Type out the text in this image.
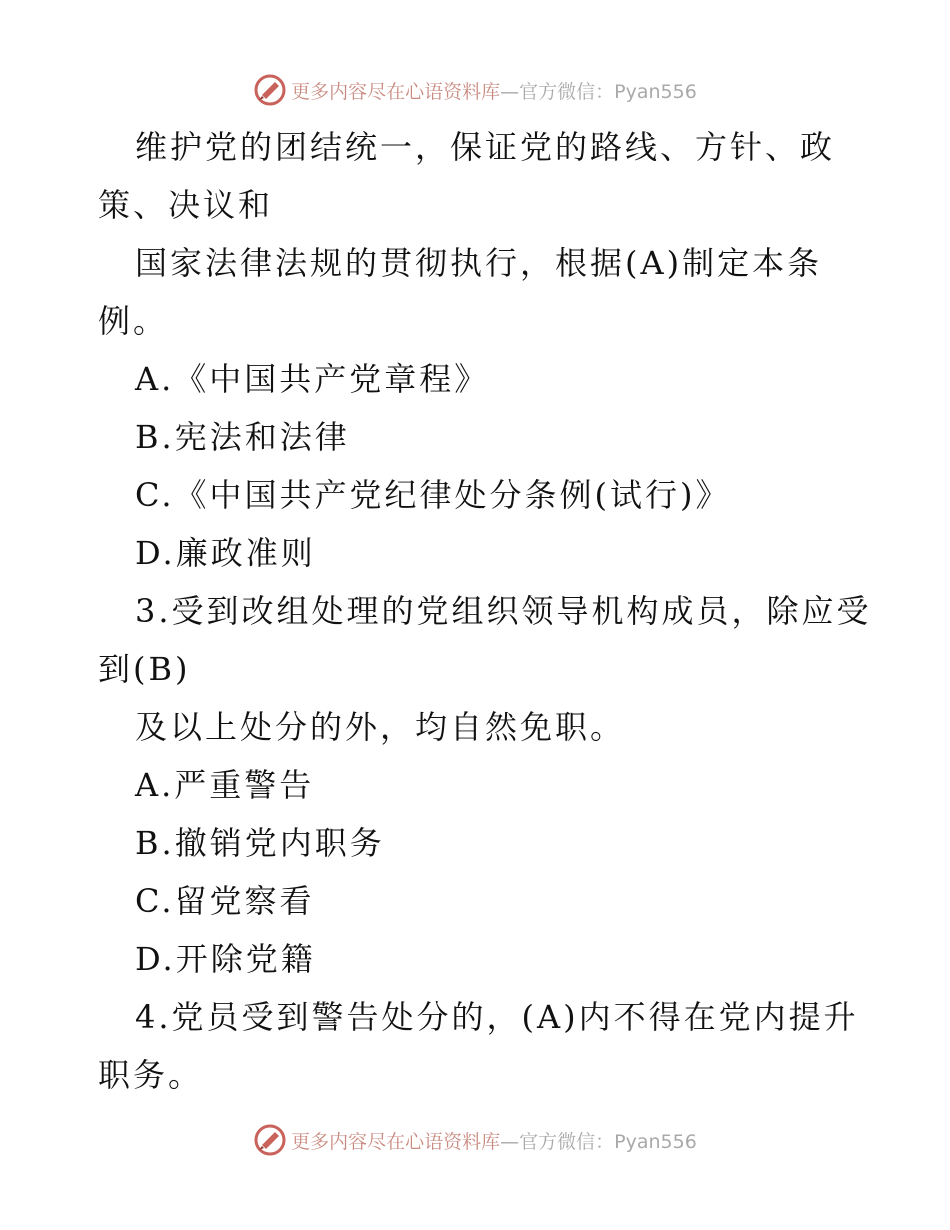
更多内容尽在心语资料库—官方微信：Pyan556
维护党的团结统一，保证党的路线、方针、政
策、决议和
国家法律法规的贯彻执行，根据(A)制定本条
例。
A.《中国共产党章程》
B.宪法和法律
C.《中国共产党纪律处分条例(试行)》
D.廉政准则
3.受到改组处理的党组织领导机构成员，除应受
到(B)
及以上处分的外，均自然免职。
A.严重警告
B.撤销党内职务
C.留党察看
D.开除党籍
4.党员受到警告处分的，(A)内不得在党内提升
职务。
更多内容尽在心语资料库—官方微信：Pyan556
